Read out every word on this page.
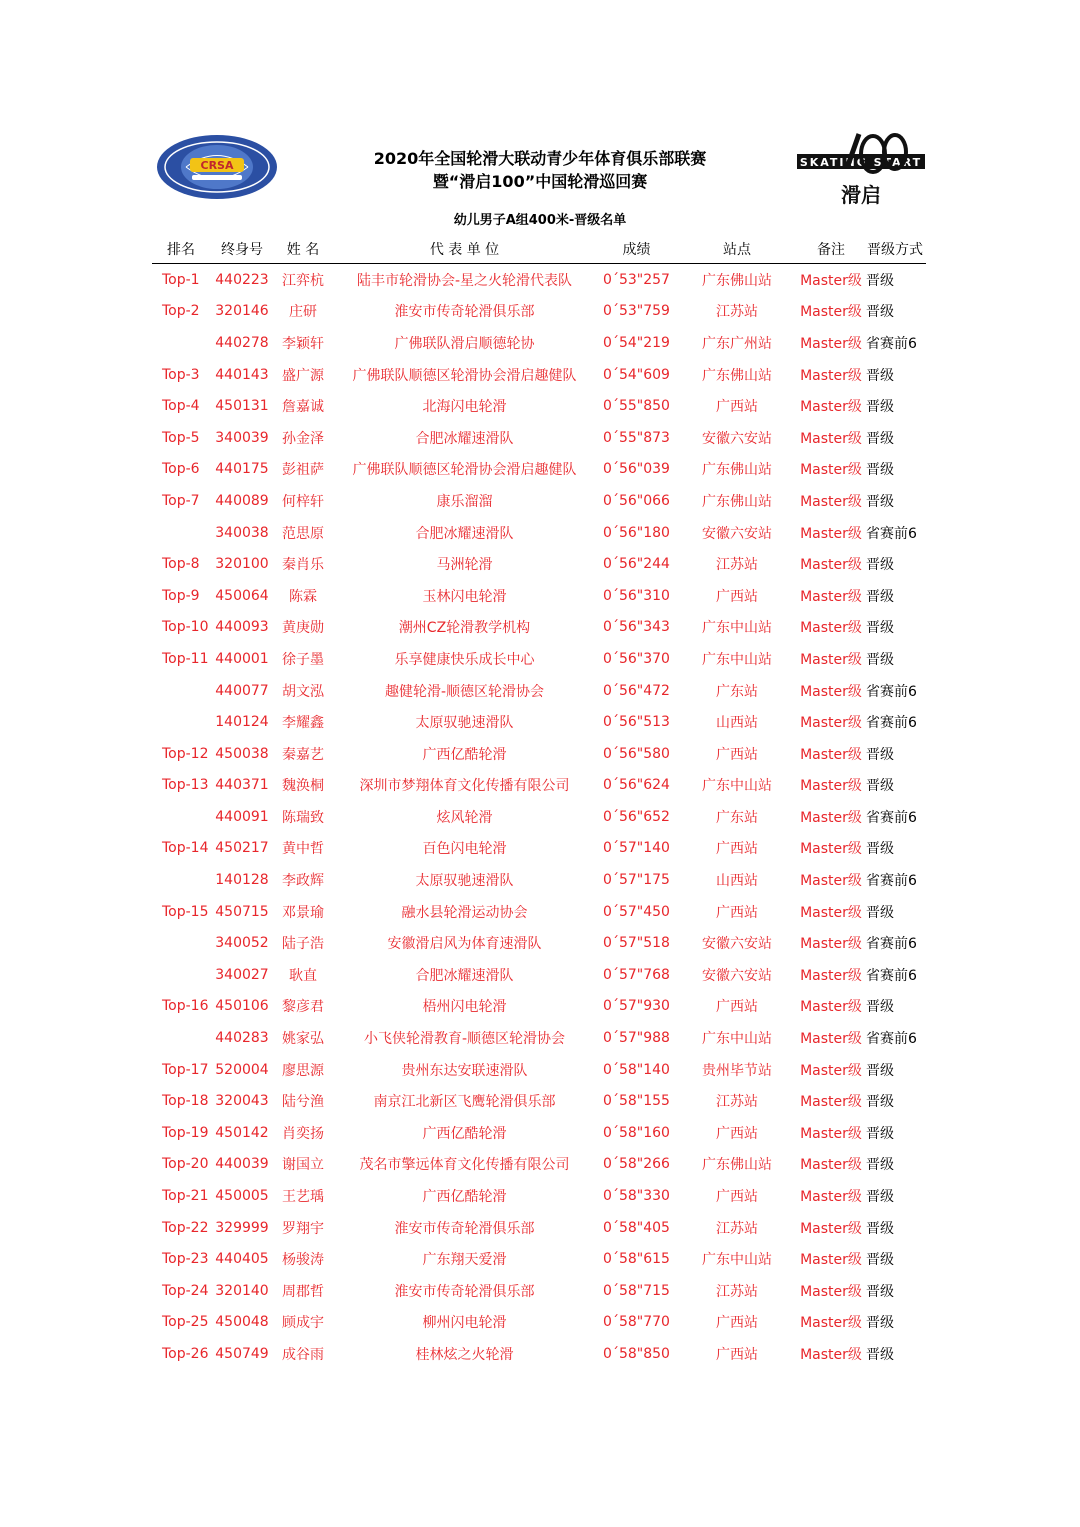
CRSA	2020年全国轮滑大联动青少年体育俱乐部联赛
暨“滑启100”中国轮滑巡回赛
SKATING START
滑启
幼儿男子A组400米-晋级名单
排名	终身号	姓 名	代 表 单 位	成绩	站点	备注	晋级方式
Top-1	440223	江弈杭	陆丰市轮滑协会-星之火轮滑代表队	0ˊ53"257	广东佛山站	Master级	晋级
Top-2	320146	庄研	淮安市传奇轮滑俱乐部	0ˊ53"759	江苏站	Master级	晋级
	440278	李颖轩	广佛联队滑启顺德轮协	0ˊ54"219	广东广州站	Master级	省赛前6
Top-3	440143	盛广源	广佛联队顺德区轮滑协会滑启趣健队	0ˊ54"609	广东佛山站	Master级	晋级
Top-4	450131	詹嘉诚	北海闪电轮滑	0ˊ55"850	广西站	Master级	晋级
Top-5	340039	孙金泽	合肥冰耀速滑队	0ˊ55"873	安徽六安站	Master级	晋级
Top-6	440175	彭祖萨	广佛联队顺德区轮滑协会滑启趣健队	0ˊ56"039	广东佛山站	Master级	晋级
Top-7	440089	何梓轩	康乐溜溜	0ˊ56"066	广东佛山站	Master级	晋级
	340038	范思原	合肥冰耀速滑队	0ˊ56"180	安徽六安站	Master级	省赛前6
Top-8	320100	秦肖乐	马洲轮滑	0ˊ56"244	江苏站	Master级	晋级
Top-9	450064	陈霖	玉林闪电轮滑	0ˊ56"310	广西站	Master级	晋级
Top-10	440093	黄庚勋	潮州CZ轮滑教学机构	0ˊ56"343	广东中山站	Master级	晋级
Top-11	440001	徐子墨	乐享健康快乐成长中心	0ˊ56"370	广东中山站	Master级	晋级
	440077	胡文泓	趣健轮滑-顺德区轮滑协会	0ˊ56"472	广东站	Master级	省赛前6
	140124	李耀鑫	太原驭驰速滑队	0ˊ56"513	山西站	Master级	省赛前6
Top-12	450038	秦嘉艺	广西亿酷轮滑	0ˊ56"580	广西站	Master级	晋级
Top-13	440371	魏涣桐	深圳市梦翔体育文化传播有限公司	0ˊ56"624	广东中山站	Master级	晋级
	440091	陈瑞致	炫风轮滑	0ˊ56"652	广东站	Master级	省赛前6
Top-14	450217	黄中哲	百色闪电轮滑	0ˊ57"140	广西站	Master级	晋级
	140128	李政辉	太原驭驰速滑队	0ˊ57"175	山西站	Master级	省赛前6
Top-15	450715	邓景瑜	融水县轮滑运动协会	0ˊ57"450	广西站	Master级	晋级
	340052	陆子浩	安徽滑启风为体育速滑队	0ˊ57"518	安徽六安站	Master级	省赛前6
	340027	耿直	合肥冰耀速滑队	0ˊ57"768	安徽六安站	Master级	省赛前6
Top-16	450106	黎彦君	梧州闪电轮滑	0ˊ57"930	广西站	Master级	晋级
	440283	姚家弘	小飞侠轮滑教育-顺德区轮滑协会	0ˊ57"988	广东中山站	Master级	省赛前6
Top-17	520004	廖思源	贵州东达安联速滑队	0ˊ58"140	贵州毕节站	Master级	晋级
Top-18	320043	陆兮渔	南京江北新区飞鹰轮滑俱乐部	0ˊ58"155	江苏站	Master级	晋级
Top-19	450142	肖奕扬	广西亿酷轮滑	0ˊ58"160	广西站	Master级	晋级
Top-20	440039	谢国立	茂名市擎远体育文化传播有限公司	0ˊ58"266	广东佛山站	Master级	晋级
Top-21	450005	王艺瑀	广西亿酷轮滑	0ˊ58"330	广西站	Master级	晋级
Top-22	329999	罗翔宇	淮安市传奇轮滑俱乐部	0ˊ58"405	江苏站	Master级	晋级
Top-23	440405	杨骏涛	广东翔天爱滑	0ˊ58"615	广东中山站	Master级	晋级
Top-24	320140	周郡哲	淮安市传奇轮滑俱乐部	0ˊ58"715	江苏站	Master级	晋级
Top-25	450048	顾成宇	柳州闪电轮滑	0ˊ58"770	广西站	Master级	晋级
Top-26	450749	成谷雨	桂林炫之火轮滑	0ˊ58"850	广西站	Master级	晋级
